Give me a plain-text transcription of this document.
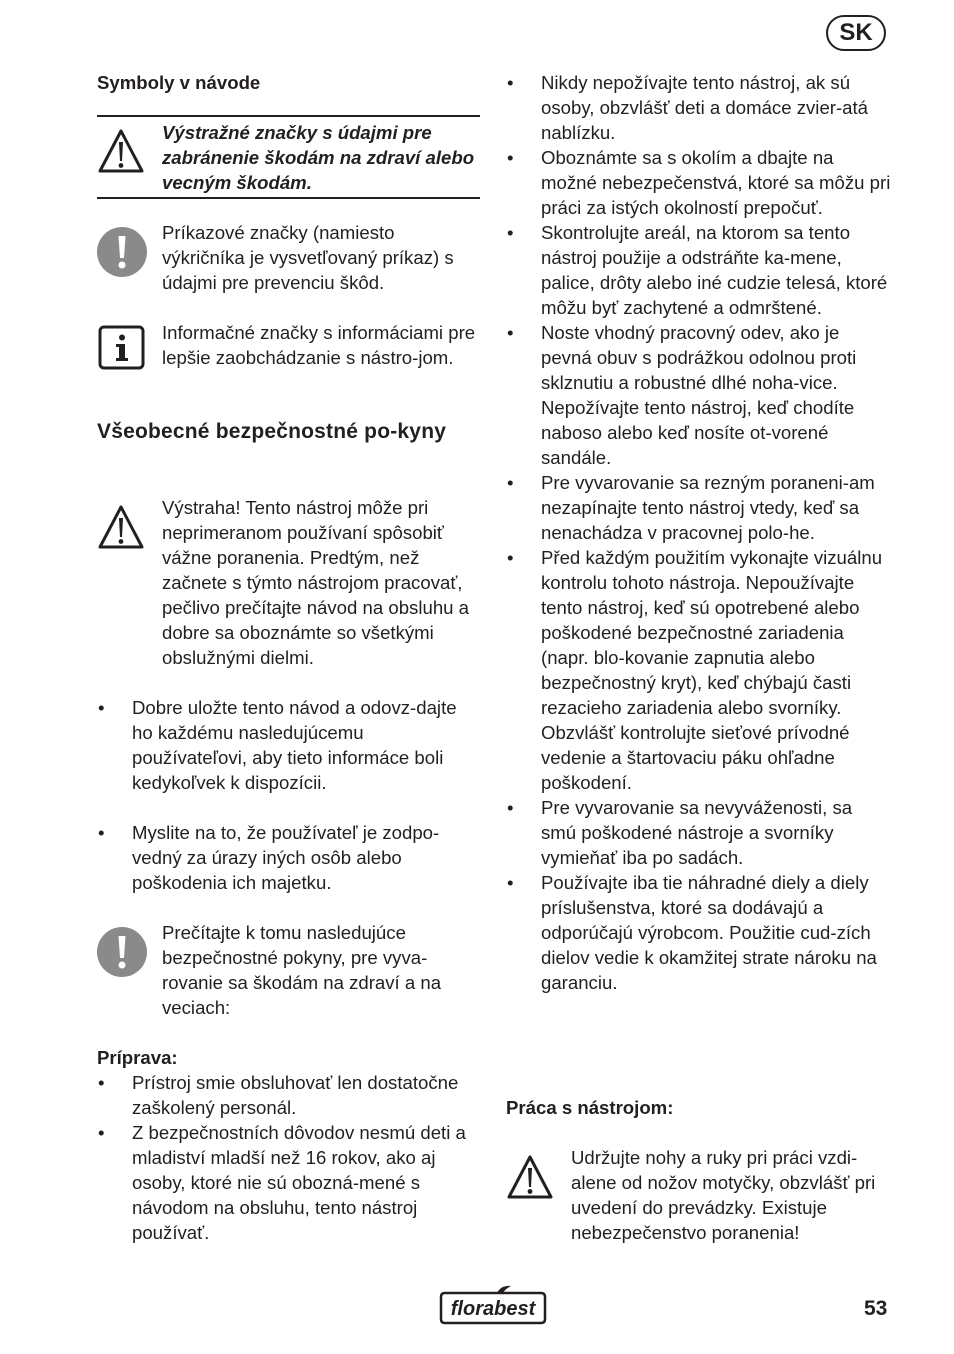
SK
Symboly v návode
Výstražné značky s údajmi pre zabránenie škodám na zdraví alebo vecným škodám.
Príkazové značky (namiesto výkričníka je vysvetľovaný príkaz) s údajmi pre prevenciu škôd.
Informačné značky s informáciami pre lepšie zaobchádzanie s nástro-jom.
Všeobecné bezpečnostné po-kyny
Výstraha! Tento nástroj môže pri neprimeranom používaní spôsobiť vážne poranenia. Predtým, než začnete s týmto nástrojom pracovať, pečlivo prečítajte návod na obsluhu a dobre sa oboznámte so všetkými obslužnými dielmi.
• Dobre uložte tento návod a odovz-dajte ho každému nasledujúcemu používateľovi, aby tieto informáce boli kedykoľvek k dispozícii.
• Myslite na to, že používateľ je zodpo-vedný za úrazy iných osôb alebo poškodenia ich majetku.
Prečítajte k tomu nasledujúce bezpečnostné pokyny, pre vyva-rovanie sa škodám na zdraví a na veciach:
Príprava:
• Prístroj smie obsluhovať len dostatočne zaškolený personál.
• Z bezpečnostních dôvodov nesmú deti a mladiství mladší než 16 rokov, ako aj osoby, ktoré nie sú obozná-mené s návodom na obsluhu, tento nástroj používať.
• Nikdy nepožívajte tento nástroj, ak sú osoby, obzvlášť deti a domáce zvier-atá nablízku.
• Oboznámte sa s okolím a dbajte na možné nebezpečenstvá, ktoré sa môžu pri práci za istých okolností prepočuť.
• Skontrolujte areál, na ktorom sa tento nástroj použije a odstráňte ka-mene, palice, drôty alebo iné cudzie telesá, ktoré môžu byť zachytené a odmrštené.
• Noste vhodný pracovný odev, ako je pevná obuv s podrážkou odolnou proti sklznutiu a robustné dlhé noha-vice. Nepožívajte tento nástroj, keď chodíte naboso alebo keď nosíte ot-vorené sandále.
• Pre vyvarovanie sa rezným poraneni-am nezapínajte tento nástroj vtedy, keď sa nenachádza v pracovnej polo-he.
• Před každým použitím vykonajte vizuálnu kontrolu tohoto nástroja. Nepoužívajte tento nástroj, keď sú opotrebené alebo poškodené bezpečnostné zariadenia (napr. blo-kovanie zapnutia alebo bezpečnostný kryt), keď chýbajú časti rezacieho zariadenia alebo svorníky. Obzvlášť kontrolujte sieťové prívodné vedenie a štartovaciu páku ohľadne poškodení.
• Pre vyvarovanie sa nevyváženosti, sa smú poškodené nástroje a svorníky vymieňať iba po sadách.
• Používajte iba tie náhradné diely a diely príslušenstva, ktoré sa dodávajú a odporúčajú výrobcom. Použitie cud-zích dielov vedie k okamžitej strate nároku na garanciu.
Práca s nástrojom:
Udržujte nohy a ruky pri práci vzdi-alene od nožov motyčky, obzvlášť pri uvedení do prevádzky. Existuje nebezpečenstvo poranenia!
florabest	53
